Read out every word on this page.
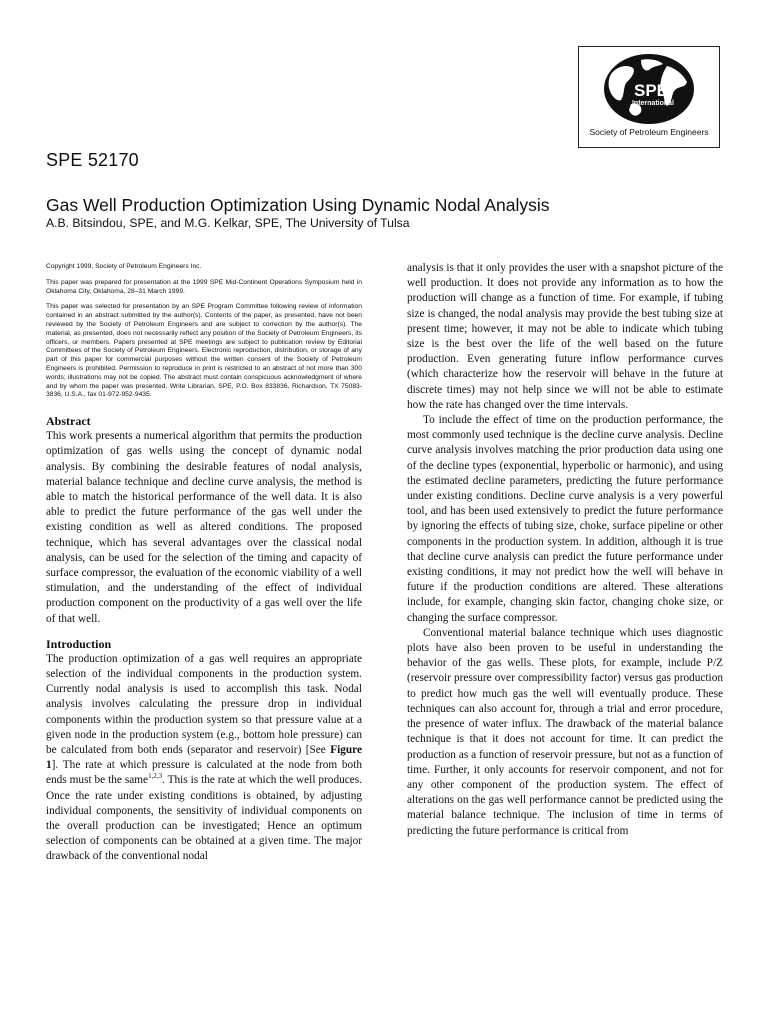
SPE
International
Society of Petroleum Engineers
SPE 52170
Gas Well Production Optimization Using Dynamic Nodal Analysis
A.B. Bitsindou, SPE, and M.G. Kelkar, SPE, The University of Tulsa

Copyright 1999, Society of Petroleum Engineers Inc.

This paper was prepared for presentation at the 1999 SPE Mid-Continent Operations Symposium held in Oklahoma City, Oklahoma, 28–31 March 1999.

This paper was selected for presentation by an SPE Program Committee following review of information contained in an abstract submitted by the author(s). Contents of the paper, as presented, have not been reviewed by the Society of Petroleum Engineers and are subject to correction by the author(s). The material, as presented, does not necessarily reflect any position of the Society of Petroleum Engineers, its officers, or members. Papers presented at SPE meetings are subject to publication review by Editorial Committees of the Society of Petroleum Engineers. Electronic reproduction, distribution, or storage of any part of this paper for commercial purposes without the written consent of the Society of Petroleum Engineers is prohibited. Permission to reproduce in print is restricted to an abstract of not more than 300 words; illustrations may not be copied. The abstract must contain conspicuous acknowledgment of where and by whom the paper was presented. Write Librarian, SPE, P.O. Box 833836, Richardson, TX 75083-3836, U.S.A., fax 01-972-952-9435.

Abstract

This work presents a numerical algorithm that permits the production optimization of gas wells using the concept of dynamic nodal analysis. By combining the desirable features of nodal analysis, material balance technique and decline curve analysis, the method is able to match the historical performance of the well data. It is also able to predict the future performance of the gas well under the existing condition as well as altered conditions. The proposed technique, which has several advantages over the classical nodal analysis, can be used for the selection of the timing and capacity of surface compressor, the evaluation of the economic viability of a well stimulation, and the understanding of the effect of individual production component on the productivity of a gas well over the life of that well.

Introduction

The production optimization of a gas well requires an appropriate selection of the individual components in the production system. Currently nodal analysis is used to accomplish this task. Nodal analysis involves calculating the pressure drop in individual components within the production system so that pressure value at a given node in the production system (e.g., bottom hole pressure) can be calculated from both ends (separator and reservoir) [See Figure 1]. The rate at which pressure is calculated at the node from both ends must be the same$^{1,2,3}$. This is the rate at which the well produces. Once the rate under existing conditions is obtained, by adjusting individual components, the sensitivity of individual components on the overall production can be investigated; Hence an optimum selection of components can be obtained at a given time. The major drawback of the conventional nodal

analysis is that it only provides the user with a snapshot picture of the well production. It does not provide any information as to how the production will change as a function of time. For example, if tubing size is changed, the nodal analysis may provide the best tubing size at present time; however, it may not be able to indicate which tubing size is the best over the life of the well based on the future production. Even generating future inflow performance curves (which characterize how the reservoir will behave in the future at discrete times) may not help since we will not be able to estimate how the rate has changed over the time intervals.

To include the effect of time on the production performance, the most commonly used technique is the decline curve analysis. Decline curve analysis involves matching the prior production data using one of the decline types (exponential, hyperbolic or harmonic), and using the estimated decline parameters, predicting the future performance under existing conditions. Decline curve analysis is a very powerful tool, and has been used extensively to predict the future performance by ignoring the effects of tubing size, choke, surface pipeline or other components in the production system. In addition, although it is true that decline curve analysis can predict the future performance under existing conditions, it may not predict how the well will behave in future if the production conditions are altered. These alterations include, for example, changing skin factor, changing choke size, or changing the surface compressor.

Conventional material balance technique which uses diagnostic plots have also been proven to be useful in understanding the behavior of the gas wells. These plots, for example, include P/Z (reservoir pressure over compressibility factor) versus gas production to predict how much gas the well will eventually produce. These techniques can also account for, through a trial and error procedure, the presence of water influx. The drawback of the material balance technique is that it does not account for time. It can predict the production as a function of reservoir pressure, but not as a function of time. Further, it only accounts for reservoir component, and not for any other component of the production system. The effect of alterations on the gas well performance cannot be predicted using the material balance technique. The inclusion of time in terms of predicting the future performance is critical from
